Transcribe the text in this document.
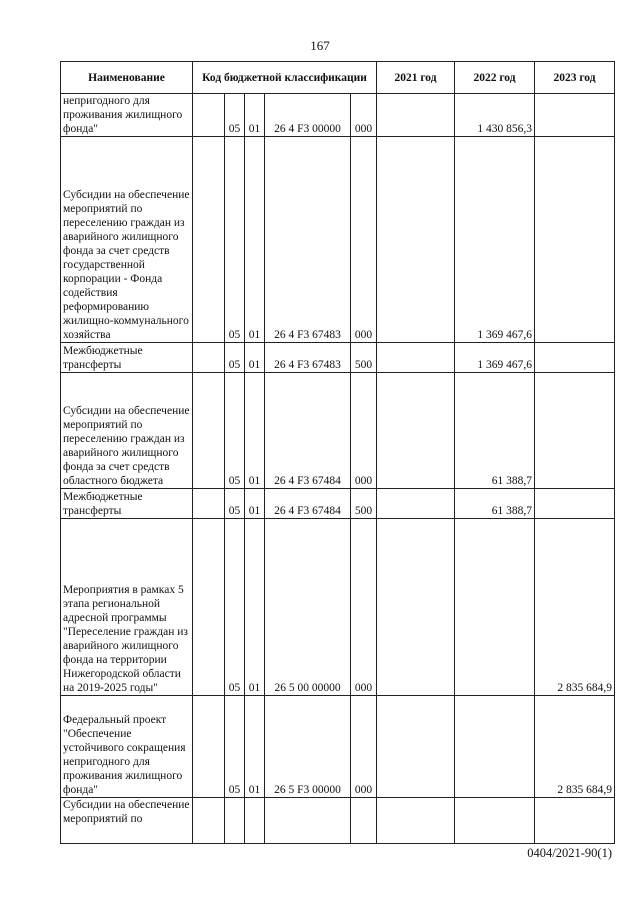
167
Наименование	Код бюджетной классификации					2021 год	2022 год	2023 год
непригодного для проживания жилищного фонда"		05	01	26 4 F3 00000	000		1 430 856,3	
Субсидии на обеспечение мероприятий по переселению граждан из аварийного жилищного фонда за счет средств государственной корпорации - Фонда содействия реформированию жилищно-коммунального хозяйства		05	01	26 4 F3 67483	000		1 369 467,6	
Межбюджетные трансферты		05	01	26 4 F3 67483	500		1 369 467,6	
Субсидии на обеспечение мероприятий по переселению граждан из аварийного жилищного фонда за счет средств областного бюджета		05	01	26 4 F3 67484	000		61 388,7	
Межбюджетные трансферты		05	01	26 4 F3 67484	500		61 388,7	
Мероприятия в рамках 5 этапа региональной адресной программы "Переселение граждан из аварийного жилищного фонда на территории Нижегородской области на 2019-2025 годы"		05	01	26 5 00 00000	000			2 835 684,9
Федеральный проект "Обеспечение устойчивого сокращения непригодного для проживания жилищного фонда"		05	01	26 5 F3 00000	000			2 835 684,9
Субсидии на обеспечение мероприятий по								
0404/2021-90(1)
